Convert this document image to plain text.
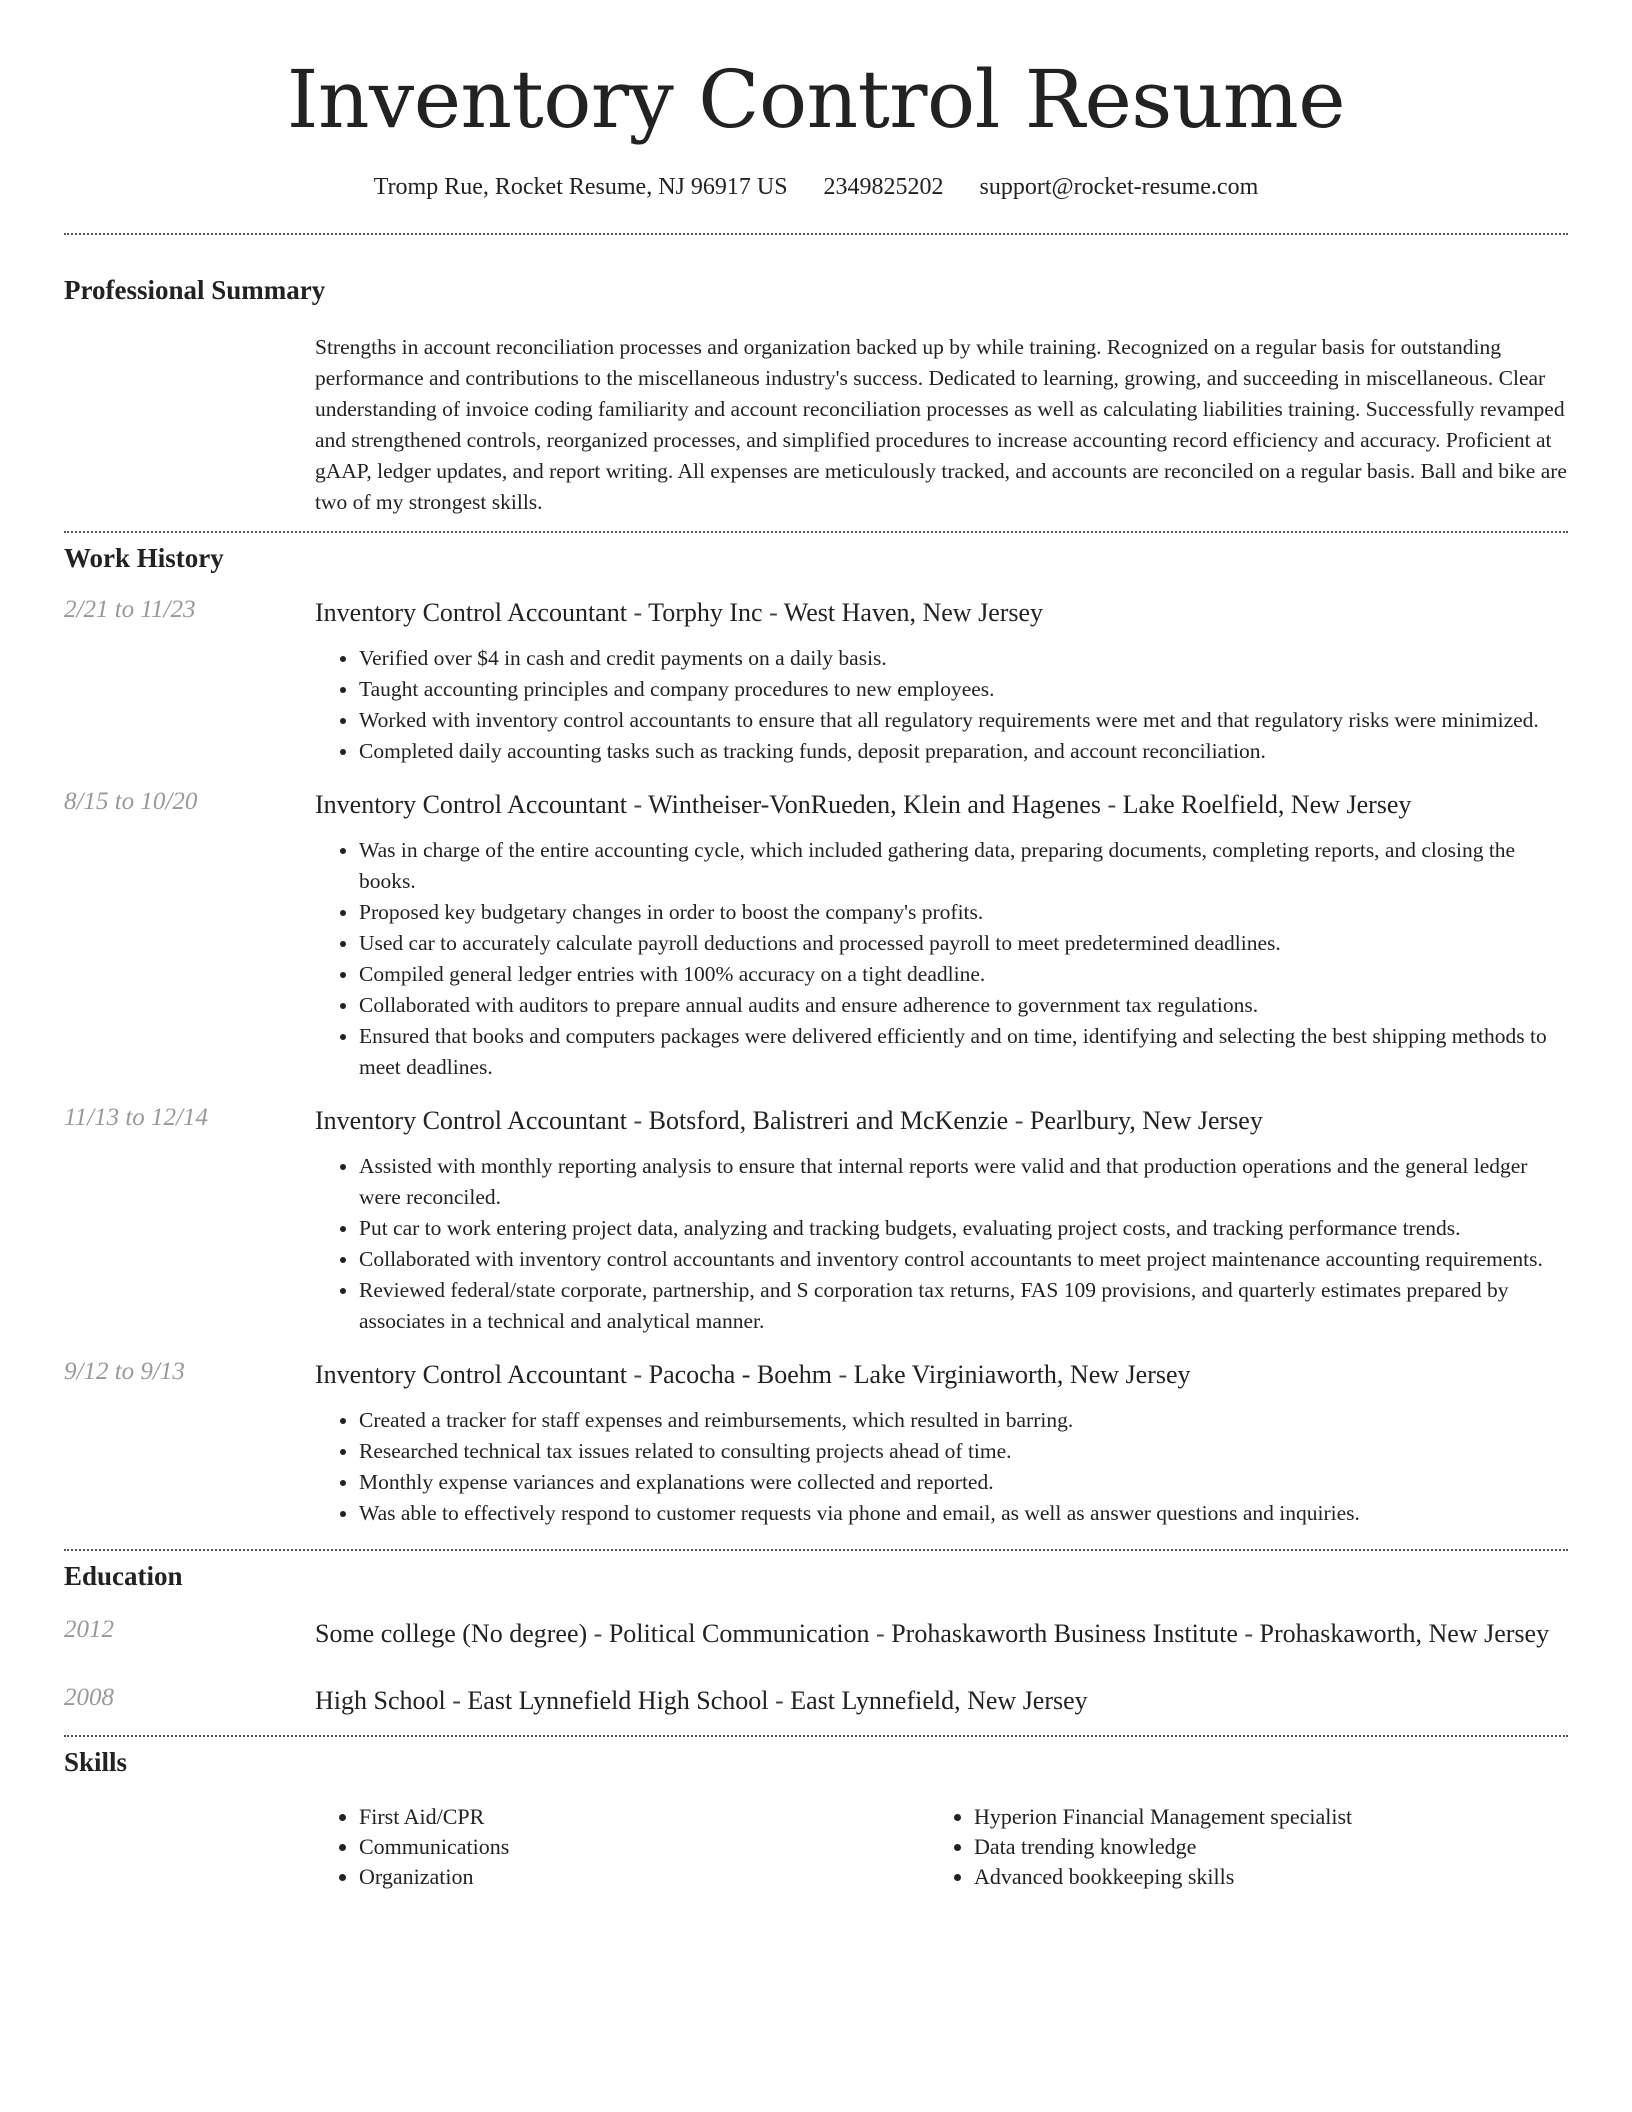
Inventory Control Resume
Tromp Rue, Rocket Resume, NJ 96917 US 2349825202 support@rocket-resume.com
Professional Summary
Strengths in account reconciliation processes and organization backed up by while training. Recognized on a regular basis for outstanding performance and contributions to the miscellaneous industry's success. Dedicated to learning, growing, and succeeding in miscellaneous. Clear understanding of invoice coding familiarity and account reconciliation processes as well as calculating liabilities training. Successfully revamped and strengthened controls, reorganized processes, and simplified procedures to increase accounting record efficiency and accuracy. Proficient at gAAP, ledger updates, and report writing. All expenses are meticulously tracked, and accounts are reconciled on a regular basis. Ball and bike are two of my strongest skills.
Work History
2/21 to 11/23	Inventory Control Accountant - Torphy Inc - West Haven, New Jersey
• Verified over $4 in cash and credit payments on a daily basis.
• Taught accounting principles and company procedures to new employees.
• Worked with inventory control accountants to ensure that all regulatory requirements were met and that regulatory risks were minimized.
• Completed daily accounting tasks such as tracking funds, deposit preparation, and account reconciliation.
8/15 to 10/20	Inventory Control Accountant - Wintheiser-VonRueden, Klein and Hagenes - Lake Roelfield, New Jersey
• Was in charge of the entire accounting cycle, which included gathering data, preparing documents, completing reports, and closing the books.
• Proposed key budgetary changes in order to boost the company's profits.
• Used car to accurately calculate payroll deductions and processed payroll to meet predetermined deadlines.
• Compiled general ledger entries with 100% accuracy on a tight deadline.
• Collaborated with auditors to prepare annual audits and ensure adherence to government tax regulations.
• Ensured that books and computers packages were delivered efficiently and on time, identifying and selecting the best shipping methods to meet deadlines.
11/13 to 12/14	Inventory Control Accountant - Botsford, Balistreri and McKenzie - Pearlbury, New Jersey
• Assisted with monthly reporting analysis to ensure that internal reports were valid and that production operations and the general ledger were reconciled.
• Put car to work entering project data, analyzing and tracking budgets, evaluating project costs, and tracking performance trends.
• Collaborated with inventory control accountants and inventory control accountants to meet project maintenance accounting requirements.
• Reviewed federal/state corporate, partnership, and S corporation tax returns, FAS 109 provisions, and quarterly estimates prepared by associates in a technical and analytical manner.
9/12 to 9/13	Inventory Control Accountant - Pacocha - Boehm - Lake Virginiaworth, New Jersey
• Created a tracker for staff expenses and reimbursements, which resulted in barring.
• Researched technical tax issues related to consulting projects ahead of time.
• Monthly expense variances and explanations were collected and reported.
• Was able to effectively respond to customer requests via phone and email, as well as answer questions and inquiries.
Education
2012	Some college (No degree) - Political Communication - Prohaskaworth Business Institute - Prohaskaworth, New Jersey
2008	High School - East Lynnefield High School - East Lynnefield, New Jersey
Skills
• First Aid/CPR
• Communications
• Organization
• Hyperion Financial Management specialist
• Data trending knowledge
• Advanced bookkeeping skills
